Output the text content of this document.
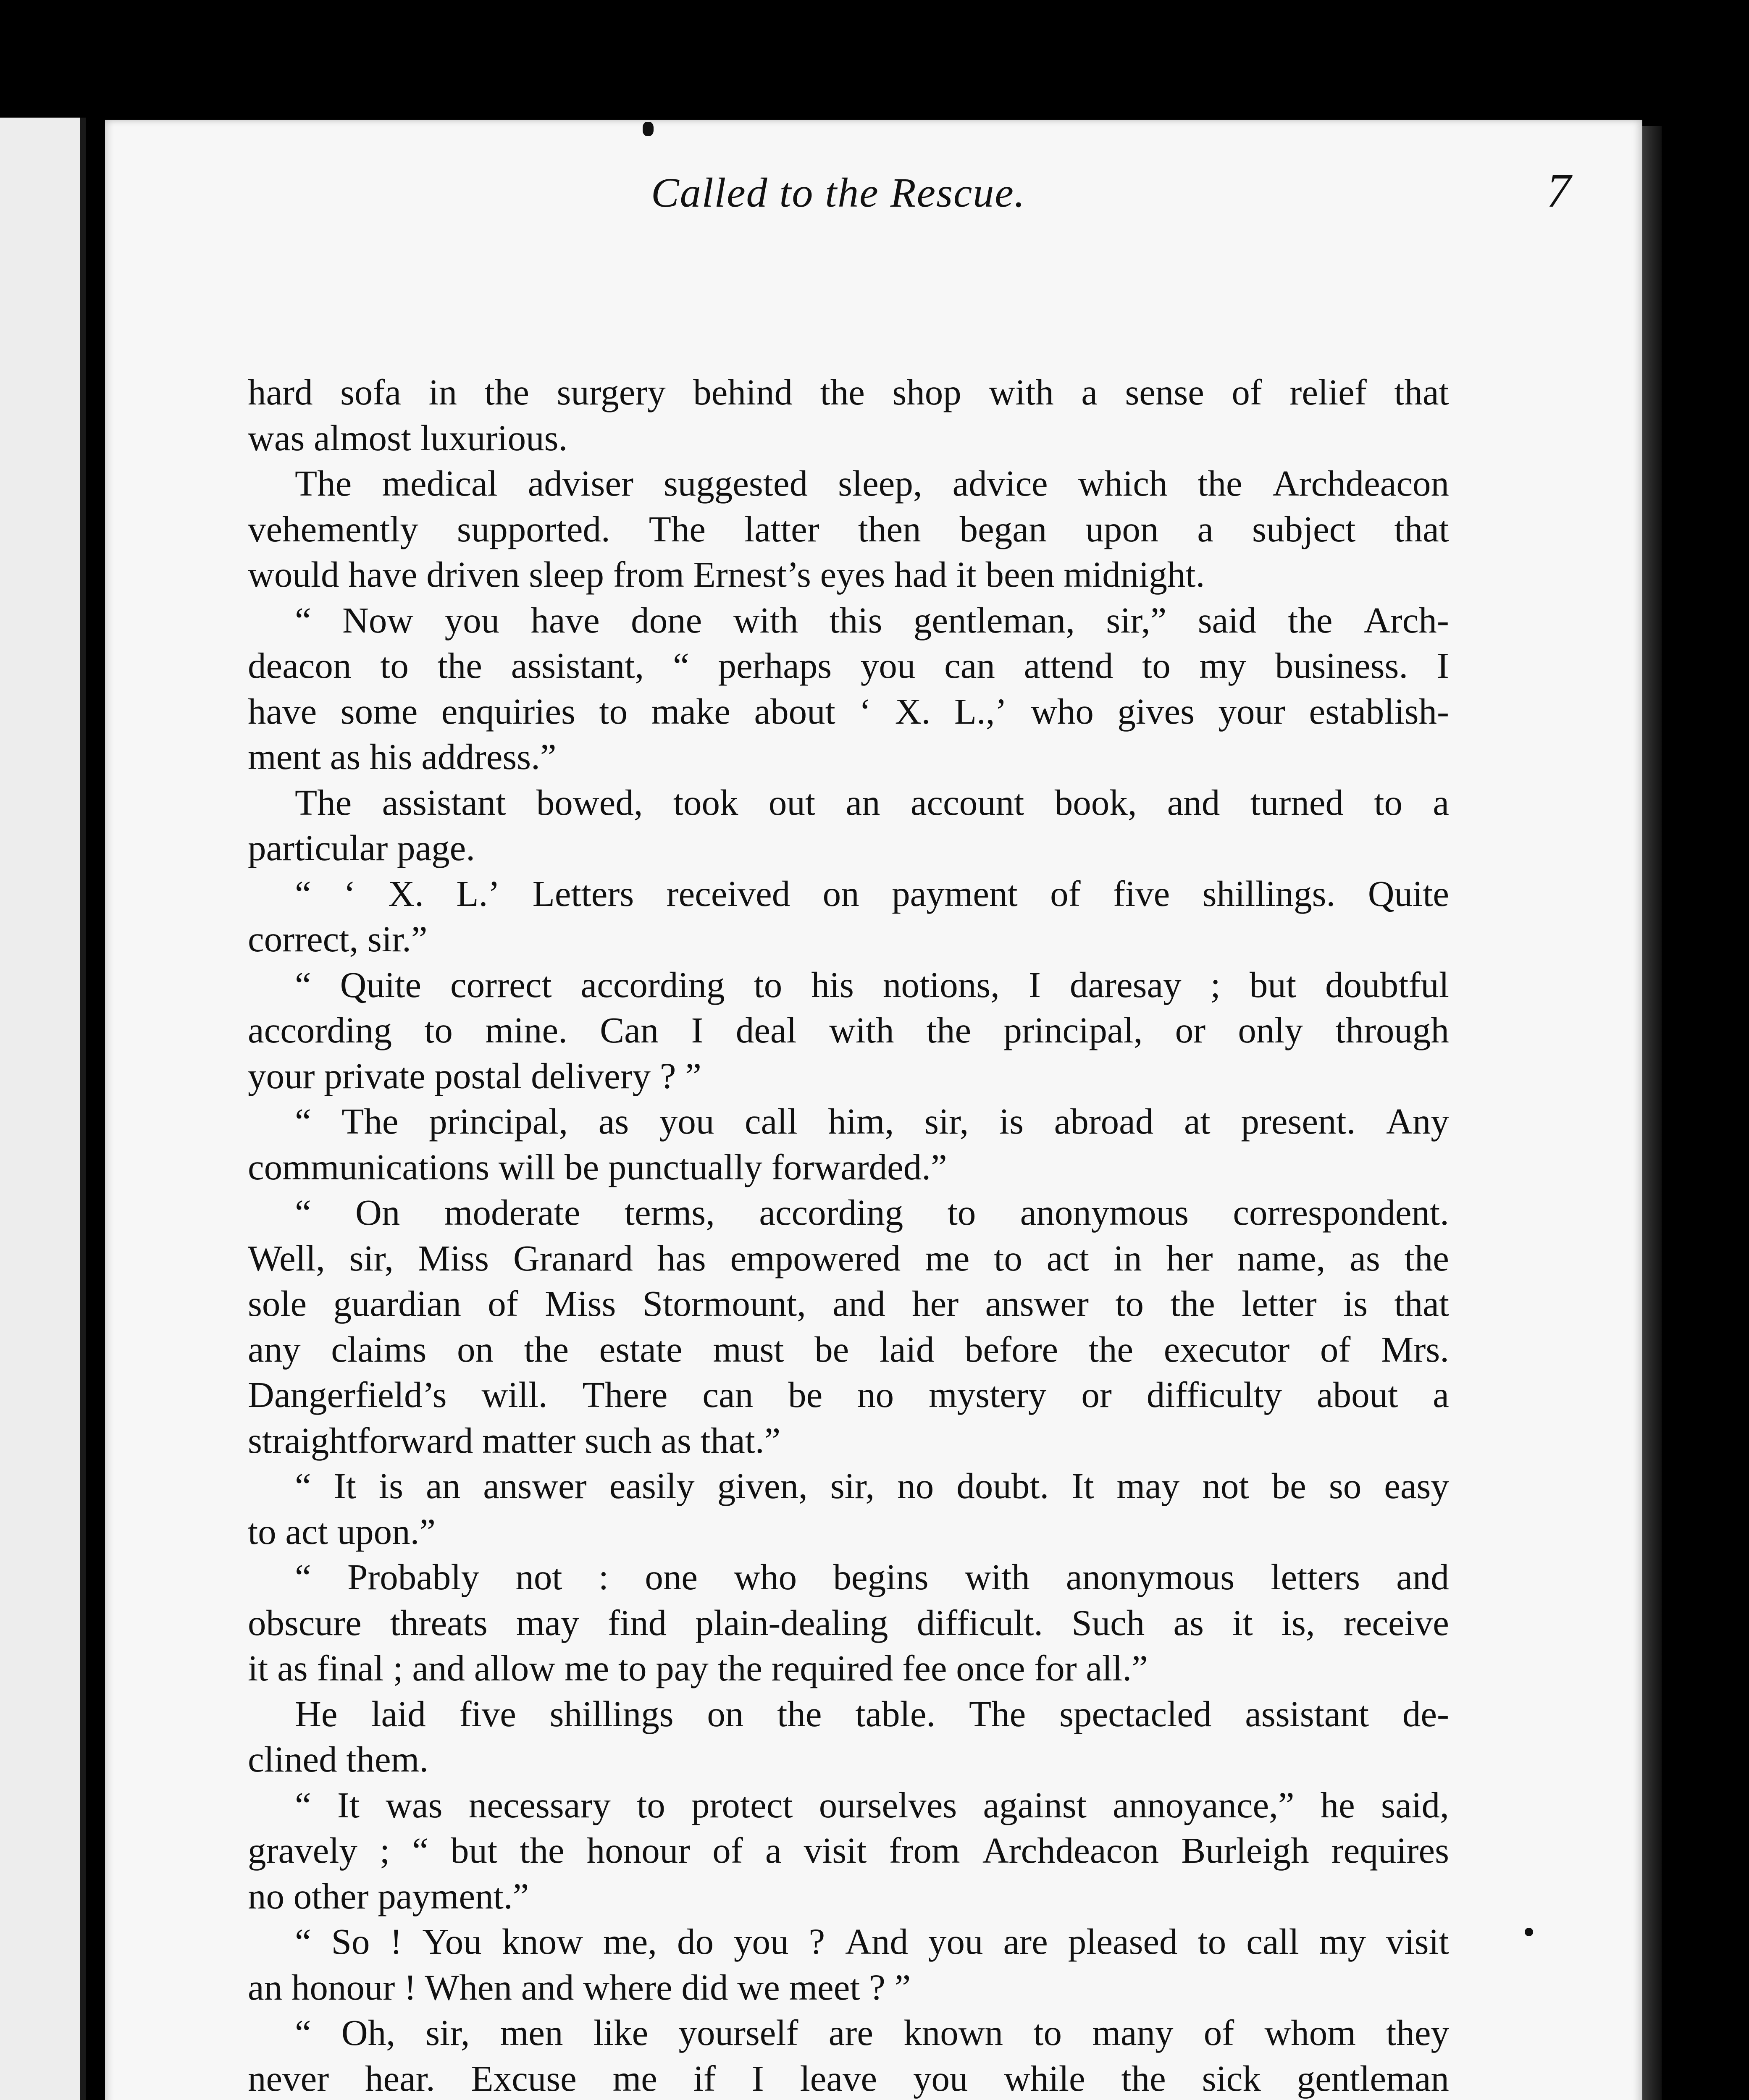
Called to the Rescue.	7
hard sofa in the surgery behind the shop with a sense of relief that
was almost luxurious.
The medical adviser suggested sleep, advice which the Archdeacon
vehemently supported. The latter then began upon a subject that
would have driven sleep from Ernest’s eyes had it been midnight.
“ Now you have done with this gentleman, sir,” said the Arch-
deacon to the assistant, “ perhaps you can attend to my business. I
have some enquiries to make about ‘ X. L.,’ who gives your establish-
ment as his address.”
The assistant bowed, took out an account book, and turned to a
particular page.
“ ‘ X. L.’ Letters received on payment of five shillings. Quite
correct, sir.”
“ Quite correct according to his notions, I daresay ; but doubtful
according to mine. Can I deal with the principal, or only through
your private postal delivery ? ”
“ The principal, as you call him, sir, is abroad at present. Any
communications will be punctually forwarded.”
“ On moderate terms, according to anonymous correspondent.
Well, sir, Miss Granard has empowered me to act in her name, as the
sole guardian of Miss Stormount, and her answer to the letter is that
any claims on the estate must be laid before the executor of Mrs.
Dangerfield’s will. There can be no mystery or difficulty about a
straightforward matter such as that.”
“ It is an answer easily given, sir, no doubt. It may not be so easy
to act upon.”
“ Probably not : one who begins with anonymous letters and
obscure threats may find plain-dealing difficult. Such as it is, receive
it as final ; and allow me to pay the required fee once for all.”
He laid five shillings on the table. The spectacled assistant de-
clined them.
“ It was necessary to protect ourselves against annoyance,” he said,
gravely ; “ but the honour of a visit from Archdeacon Burleigh requires
no other payment.”
“ So ! You know me, do you ? And you are pleased to call my visit
an honour ! When and where did we meet ? ”
“ Oh, sir, men like yourself are known to many of whom they
never hear. Excuse me if I leave you while the sick gentleman
